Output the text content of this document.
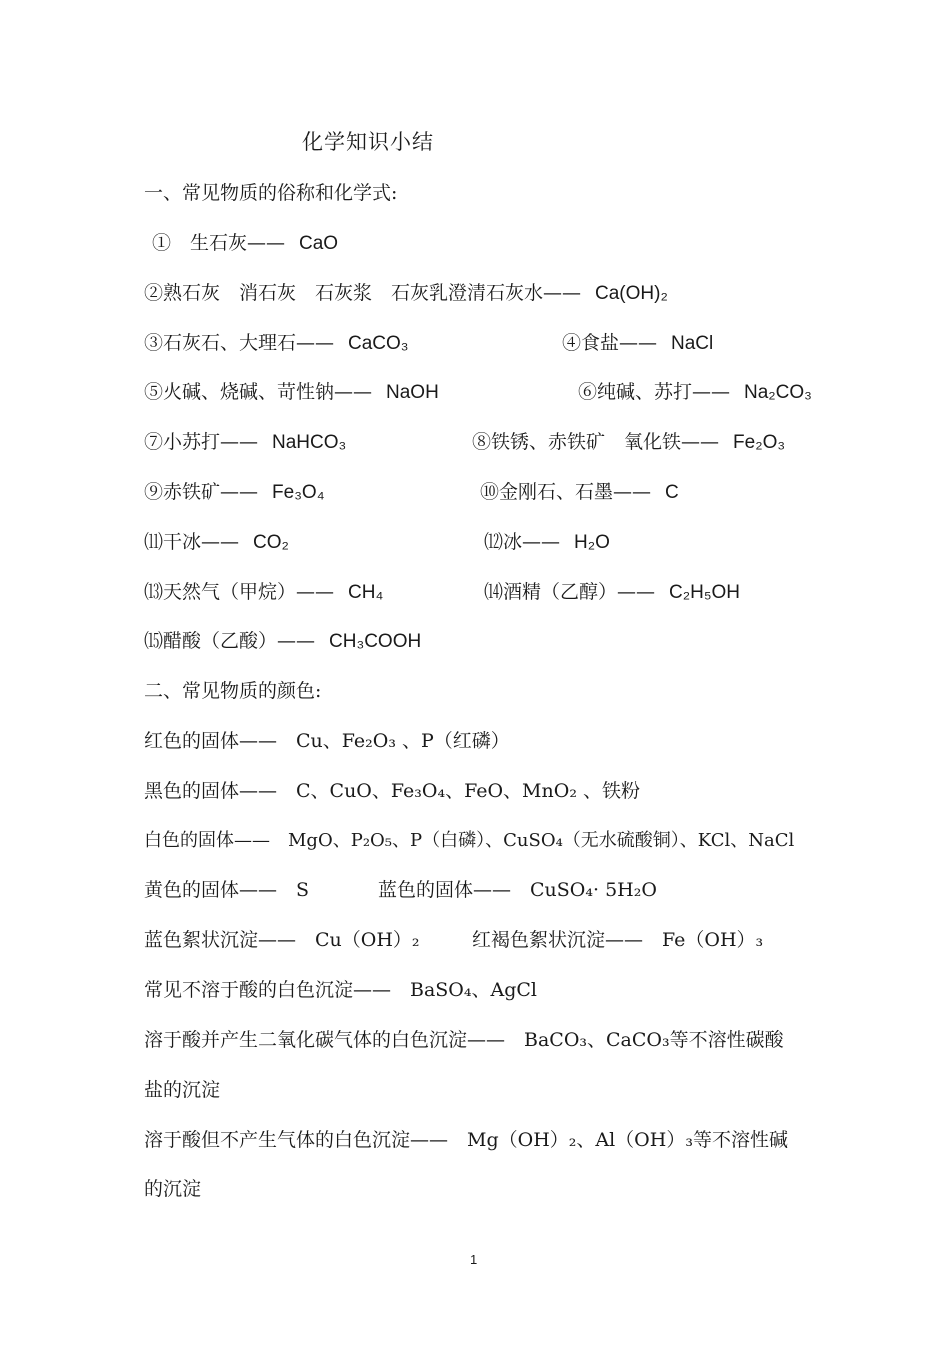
化学知识小结
一、常见物质的俗称和化学式:
①　生石灰—— CaO
②熟石灰　消石灰　石灰浆　石灰乳澄清石灰水—— Ca(OH)₂
③石灰石、大理石—— CaCO₃	④食盐—— NaCl
⑤火碱、烧碱、苛性钠—— NaOH	⑥纯碱、苏打—— Na₂CO₃
⑦小苏打—— NaHCO₃	⑧铁锈、赤铁矿　氧化铁—— Fe₂O₃
⑨赤铁矿—— Fe₃O₄	⑩金刚石、石墨—— C
⑾干冰—— CO₂	⑿冰—— H₂O
⒀天然气（甲烷）—— CH₄	⒁酒精（乙醇）—— C₂H₅OH
⒂醋酸（乙酸）—— CH₃COOH
二、常见物质的颜色:
红色的固体——　Cu、Fe₂O₃ 、P（红磷）
黑色的固体——　C、CuO、Fe₃O₄、FeO、MnO₂ 、铁粉
白色的固体——　MgO、P₂O₅、P（白磷）、CuSO₄（无水硫酸铜）、KCl、NaCl
黄色的固体——　S	蓝色的固体——　CuSO₄· 5H₂O
蓝色絮状沉淀——　Cu（OH）₂	红褐色絮状沉淀——　Fe（OH）₃
常见不溶于酸的白色沉淀——　BaSO₄、AgCl
溶于酸并产生二氧化碳气体的白色沉淀——　BaCO₃、CaCO₃等不溶性碳酸
盐的沉淀
溶于酸但不产生气体的白色沉淀——　Mg（OH）₂、Al（OH）₃等不溶性碱
的沉淀
1
